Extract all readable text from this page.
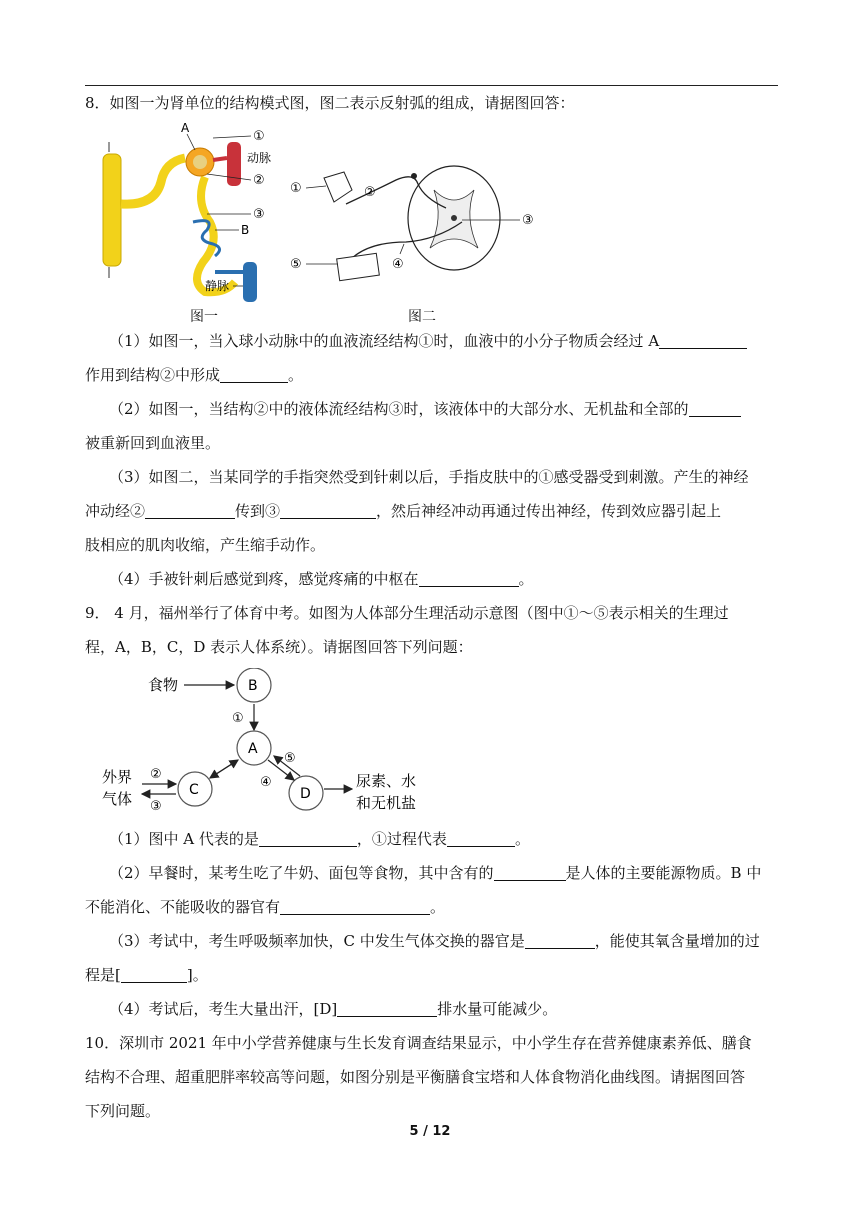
8．如图一为肾单位的结构模式图，图二表示反射弧的组成，请据图回答：
A
①
动脉
②
③
B
静脉
图一
①	②
③
④
⑤
图二
（1）如图一，当入球小动脉中的血液流经结构①时，血液中的小分子物质会经过 A
作用到结构②中形成	。
（2）如图一，当结构②中的液体流经结构③时，该液体中的大部分水、无机盐和全部的
被重新回到血液里。
（3）如图二，当某同学的手指突然受到针刺以后，手指皮肤中的①感受器受到刺激。产生的神经
冲动经②	传到③	，然后神经冲动再通过传出神经，传到效应器引起上
肢相应的肌肉收缩，产生缩手动作。
（4）手被针刺后感觉到疼，感觉疼痛的中枢在	。
9． 4 月，福州举行了体育中考。如图为人体部分生理活动示意图（图中①～⑤表示相关的生理过
程，A，B，C，D 表示人体系统）。请据图回答下列问题：
食物	B
①
A
C	D
⑤
④
外界
气体
②
③
尿素、水
和无机盐
（1）图中 A 代表的是	，①过程代表	。
（2）早餐时，某考生吃了牛奶、面包等食物，其中含有的	是人体的主要能源物质。B 中
不能消化、不能吸收的器官有	。
（3）考试中，考生呼吸频率加快，C 中发生气体交换的器官是	，能使其氧含量增加的过
程是[	]。
（4）考试后，考生大量出汗，[D]	排水量可能减少。
10．深圳市 2021 年中小学营养健康与生长发育调查结果显示，中小学生存在营养健康素养低、膳食
结构不合理、超重肥胖率较高等问题，如图分别是平衡膳食宝塔和人体食物消化曲线图。请据图回答
下列问题。
5 / 12
